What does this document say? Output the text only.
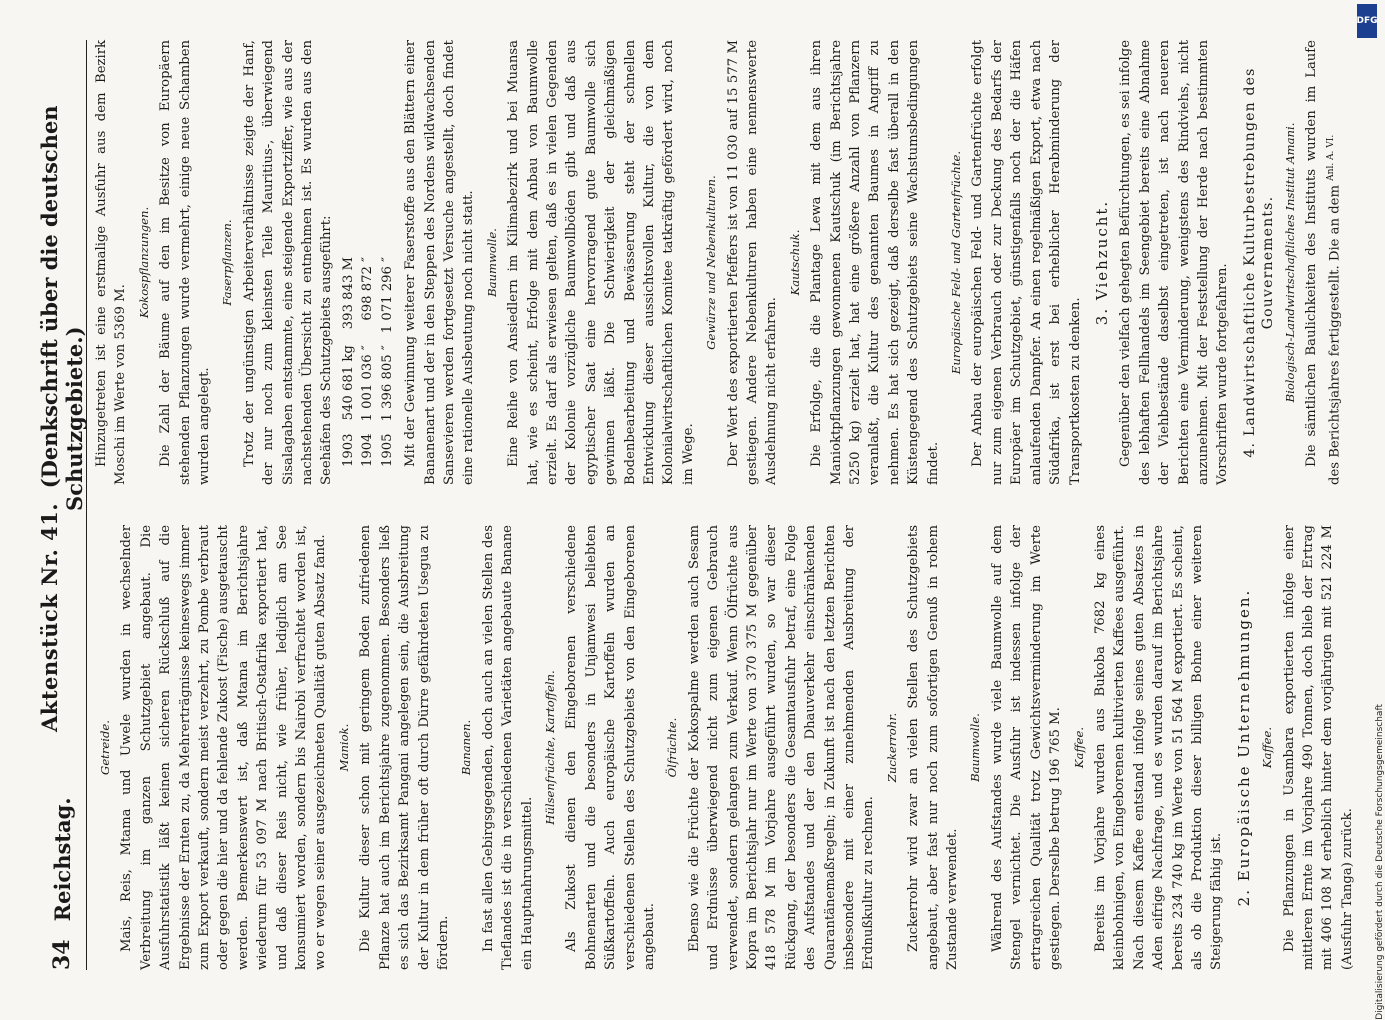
34
Reichstag.
Aktenstück Nr. 41.  (Denkschrift über die deutschen Schutzgebiete.)
Getreide. Mais, Reis, Mtama und Uwele wurden in wechselnder Verbreitung im ganzen Schutzgebiet angebaut. Die Ausfuhrstatistik läßt keinen sicheren Rückschluß auf die Ergebnisse der Ernten zu, da Mehrerträgnisse keineswegs immer zum Export verkauft, sondern meist verzehrt, zu Pombe verbraut oder gegen die hier und da fehlende Zukost (Fische) ausgetauscht werden. Bemerkenswert ist, daß Mtama im Berichtsjahre wiederum für 53 097 M nach Britisch-Ostafrika exportiert hat, und daß dieser Reis nicht, wie früher, lediglich am See konsumiert worden, sondern bis Nairobi verfrachtet worden ist, wo er wegen seiner ausgezeichneten Qualität guten Absatz fand. Maniok. Die Kultur dieser schon mit geringem Boden zufriedenen Pflanze hat auch im Berichtsjahre zugenommen. Besonders ließ es sich das Bezirksamt Pangani angelegen sein, die Ausbreitung der Kultur in dem früher oft durch Dürre gefährdeten Usegua zu fördern.

Bananen. In fast allen Gebirgsgegenden, doch auch an vielen Stellen des Tieflandes ist die in verschiedenen Varietäten angebaute Banane ein Hauptnahrungsmittel.

Hülsenfrüchte, Kartoffeln. Als Zukost dienen den Eingeborenen verschiedene Bohnenarten und die besonders in Unjamwesi beliebten Süßkartoffeln. Auch europäische Kartoffeln wurden an verschiedenen Stellen des Schutzgebiets von den Eingeborenen angebaut.

Ölfrüchte. Ebenso wie die Früchte der Kokospalme werden auch Sesam und Erdnüsse überwiegend nicht zum eigenen Gebrauch verwendet, sondern gelangen zum Verkauf. Wenn Ölfrüchte aus Kopra im Berichtsjahr nur im Werte von 370 375 M gegenüber 418 578 M im Vorjahre ausgeführt wurden, so war dieser Rückgang, der besonders die Gesamtausfuhr betraf, eine Folge des Aufstandes und der den Dhauverkehr einschränkenden Quarantänemaßregeln; in Zukunft ist nach den letzten Berichten insbesondere mit einer zunehmenden Ausbreitung der Erdnußkultur zu rechnen.

Zuckerrohr. Zuckerrohr wird zwar an vielen Stellen des Schutzgebiets angebaut, aber fast nur noch zum sofortigen Genuß in rohem Zustande verwendet.

Baumwolle. Während des Aufstandes wurde viele Baumwolle auf dem Stengel vernichtet. Die Ausfuhr ist indessen infolge der ertragreichen Qualität trotz Gewichtsverminderung im Werte gestiegen. Derselbe betrug 196 765 M. Kaffee. Bereits im Vorjahre wurden aus Bukoba 7682 kg eines kleinbohnigen, von Eingeborenen kultivierten Kaffees ausgeführt. Nach diesem Kaffee entstand infolge seines guten Absatzes in Aden eifrige Nachfrage, und es wurden darauf im Berichtsjahre bereits 234 740 kg im Werte von 51 564 M exportiert. Es scheint, als ob die Produktion dieser billigen Bohne einer weiteren Steigerung fähig ist. 2. Europäische Unternehmungen. Kaffee. Die Pflanzungen in Usambara exportierten infolge einer mittleren Ernte im Vorjahre 490 Tonnen, doch blieb der Ertrag mit 406 108 M erheblich hinter dem vorjährigen mit 521 224 M (Ausfuhr Tanga) zurück.

Hinzugetreten ist eine erstmalige Ausfuhr aus dem Bezirk Moschi im Werte von 5369 M.

Kokospflanzungen. Die Zahl der Bäume auf den im Besitze von Europäern stehenden Pflanzungen wurde vermehrt, einige neue Schamben wurden angelegt.

Faserpflanzen. Trotz der ungünstigen Arbeiterverhältnisse zeigte der Hanf, der nur noch zum kleinsten Teile Mauritius-, überwiegend Sisalagaben entstammte, eine steigende Exportziffer, wie aus der nachstehenden Übersicht zu entnehmen ist. Es wurden aus den Seehäfen des Schutzgebiets ausgeführt: 1903	540 681 kg	393 843 M
1904	1 001 036 ″	698 872 ″
1905	1 396 805 ″	1 071 296 ″ Mit der Gewinnung weiterer Faserstoffe aus den Blättern einer Bananenart und der in den Steppen des Nordens wildwachsenden Sansevieren werden fortgesetzt Versuche angestellt, doch findet eine rationelle Ausbeutung noch nicht statt. Baumwolle. Eine Reihe von Ansiedlern im Kilimabezirk und bei Muansa hat, wie es scheint, Erfolge mit dem Anbau von Baumwolle erzielt. Es darf als erwiesen gelten, daß es in vielen Gegenden der Kolonie vorzügliche Baumwollböden gibt und daß aus egyptischer Saat eine hervorragend gute Baumwolle sich gewinnen läßt. Die Schwierigkeit der gleichmäßigen Bodenbearbeitung und Bewässerung steht der schnellen Entwicklung dieser aussichtsvollen Kultur, die von dem Kolonialwirtschaftlichen Komitee tatkräftig gefördert wird, noch im Wege.

Gewürze und Nebenkulturen. Der Wert des exportierten Pfeffers ist von 11 030 auf 15 577 M gestiegen. Andere Nebenkulturen haben eine nennenswerte Ausdehnung nicht erfahren.

Kautschuk. Die Erfolge, die die Plantage Lewa mit dem aus ihren Manioktpflanzungen gewonnenen Kautschuk (im Berichtsjahre 5250 kg) erzielt hat, hat eine größere Anzahl von Pflanzern veranlaßt, die Kultur des genannten Baumes in Angriff zu nehmen. Es hat sich gezeigt, daß derselbe fast überall in den Küstengegend des Schutzgebiets seine Wachstumsbedingungen findet.

Europäische Feld- und Gartenfrüchte. Der Anbau der europäischen Feld- und Gartenfrüchte erfolgt nur zum eigenen Verbrauch oder zur Deckung des Bedarfs der Europäer im Schutzgebiet, günstigenfalls noch der die Häfen anlaufenden Dampfer. An einen regelmäßigen Export, etwa nach Südafrika, ist erst bei erheblicher Herabminderung der Transportkosten zu denken.

3. Viehzucht. Gegenüber den vielfach gehegten Befürchtungen, es sei infolge des lebhaften Fellhandels im Seengebiet bereits eine Abnahme der Viehbestände daselbst eingetreten, ist nach neueren Berichten eine Verminderung, wenigstens des Rindviehs, nicht anzunehmen. Mit der Feststellung der Herde nach bestimmten Vorschriften wurde fortgefahren. 4. Landwirtschaftliche Kulturbestrebungen des Gouvernements. Biologisch-Landwirtschaftliches Institut Amani. Die sämtlichen Baulichkeiten des Instituts wurden im Laufe des Berichtsjahres fertiggestellt. Die an dem $^{Anl. A. VI.}$

DFG
Digitalisierung gefördert durch die Deutsche Forschungsgemeinschaft
